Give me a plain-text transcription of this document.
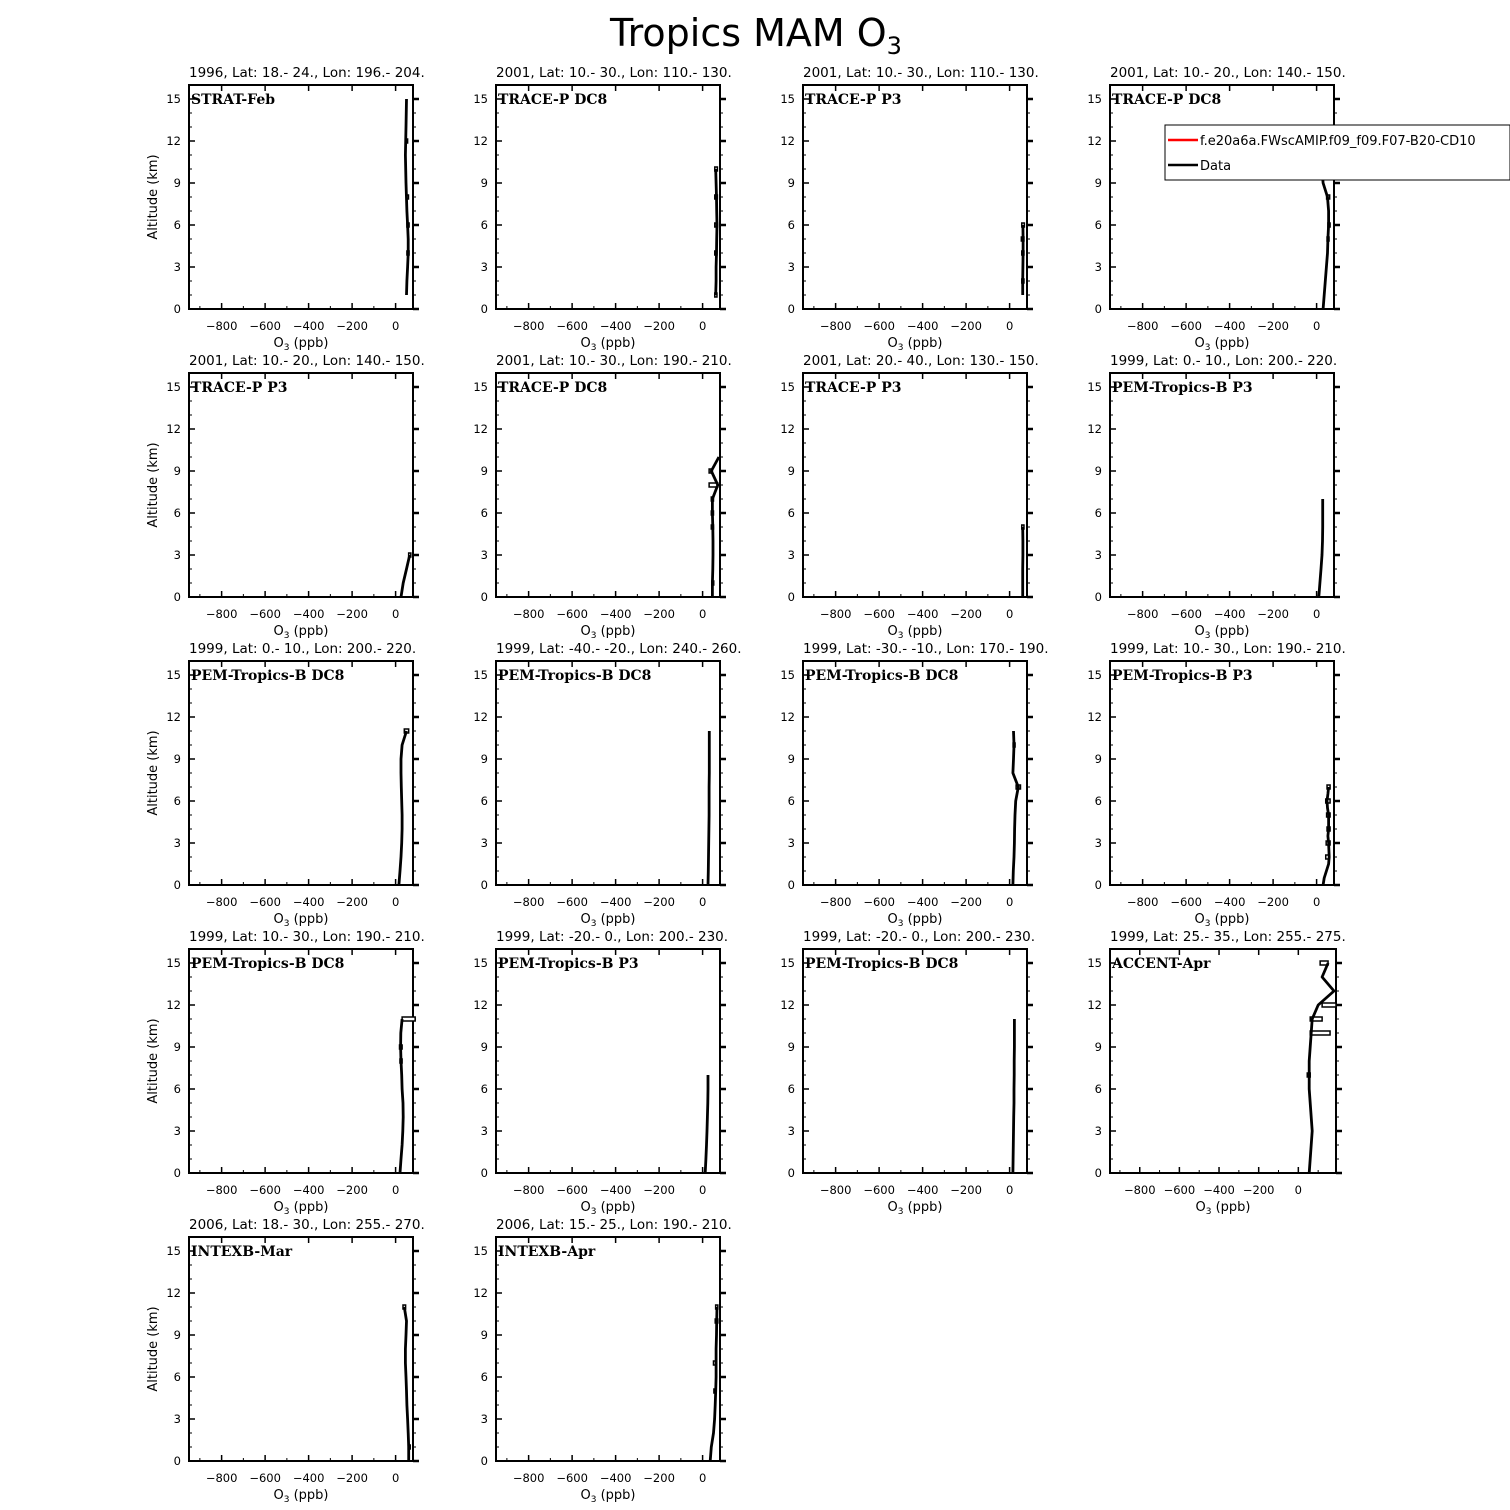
Tropics MAM $O_3$
1996, Lat: 18.- 24., Lon: 196.- 204.
−800 −600 −400 −200 0
0
3
6
9
12
15
$O_3$ (ppb)
Altitude (km)
STRAT-Feb
2001, Lat: 10.- 30., Lon: 110.- 130.
−800 −600 −400 −200 0
0
3
6
9
12
15
$O_3$ (ppb)
TRACE-P DC8
2001, Lat: 10.- 30., Lon: 110.- 130.
−800 −600 −400 −200 0
0
3
6
9
12
15
$O_3$ (ppb)
TRACE-P P3
2001, Lat: 10.- 20., Lon: 140.- 150.
−800 −600 −400 −200 0
0
3
6
9
12
15
$O_3$ (ppb)
TRACE-P DC8
2001, Lat: 10.- 20., Lon: 140.- 150.
−800 −600 −400 −200 0
0
3
6
9
12
15
$O_3$ (ppb)
Altitude (km)
TRACE-P P3
2001, Lat: 10.- 30., Lon: 190.- 210.
−800 −600 −400 −200 0
0
3
6
9
12
15
$O_3$ (ppb)
TRACE-P DC8
2001, Lat: 20.- 40., Lon: 130.- 150.
−800 −600 −400 −200 0
0
3
6
9
12
15
$O_3$ (ppb)
TRACE-P P3
1999, Lat: 0.- 10., Lon: 200.- 220.
−800 −600 −400 −200 0
0
3
6
9
12
15
$O_3$ (ppb)
PEM-Tropics-B P3
1999, Lat: 0.- 10., Lon: 200.- 220.
−800 −600 −400 −200 0
0
3
6
9
12
15
$O_3$ (ppb)
Altitude (km)
PEM-Tropics-B DC8
1999, Lat: -40.- -20., Lon: 240.- 260.
−800 −600 −400 −200 0
0
3
6
9
12
15
$O_3$ (ppb)
PEM-Tropics-B DC8
1999, Lat: -30.- -10., Lon: 170.- 190.
−800 −600 −400 −200 0
0
3
6
9
12
15
$O_3$ (ppb)
PEM-Tropics-B DC8
1999, Lat: 10.- 30., Lon: 190.- 210.
−800 −600 −400 −200 0
0
3
6
9
12
15
$O_3$ (ppb)
PEM-Tropics-B P3
1999, Lat: 10.- 30., Lon: 190.- 210.
−800 −600 −400 −200 0
0
3
6
9
12
15
$O_3$ (ppb)
Altitude (km)
PEM-Tropics-B DC8
1999, Lat: -20.- 0., Lon: 200.- 230.
−800 −600 −400 −200 0
0
3
6
9
12
15
$O_3$ (ppb)
PEM-Tropics-B P3
1999, Lat: -20.- 0., Lon: 200.- 230.
−800 −600 −400 −200 0
0
3
6
9
12
15
$O_3$ (ppb)
PEM-Tropics-B DC8
1999, Lat: 25.- 35., Lon: 255.- 275.
−800 −600 −400 −200 0
0
3
6
9
12
15
$O_3$ (ppb)
ACCENT-Apr
2006, Lat: 18.- 30., Lon: 255.- 270.
−800 −600 −400 −200 0
0
3
6
9
12
15
$O_3$ (ppb)
Altitude (km)
INTEXB-Mar
2006, Lat: 15.- 25., Lon: 190.- 210.
−800 −600 −400 −200 0
0
3
6
9
12
15
$O_3$ (ppb)
INTEXB-Apr
f.e20a6a.FWscAMIP.f09_f09.F07-B20-CD10
Data
